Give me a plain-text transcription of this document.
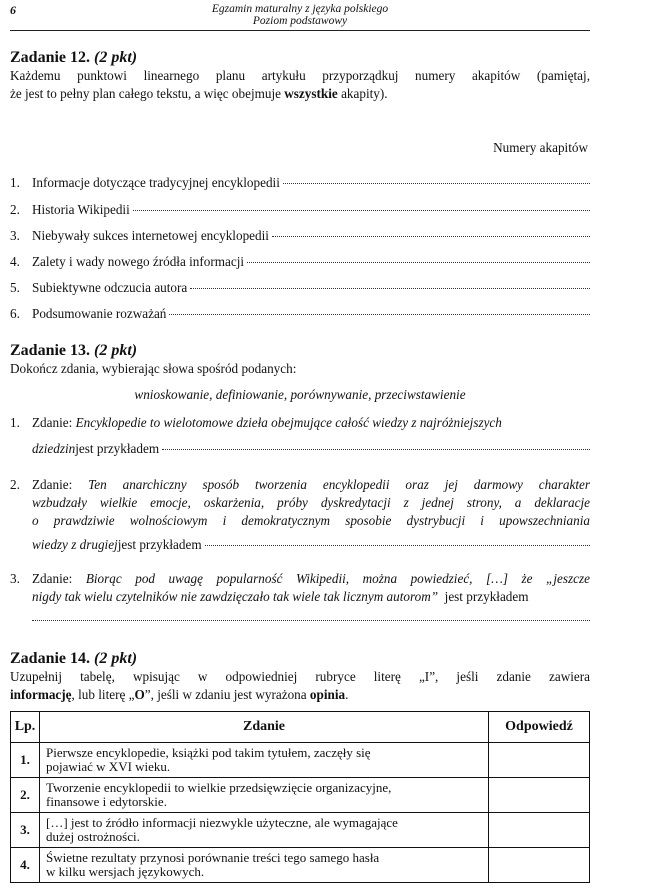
6	Egzamin maturalny z języka polskiego
Poziom podstawowy
Zadanie 12. (2 pkt)
Każdemu punktowi linearnego planu artykułu przyporządkuj numery akapitów (pamiętaj,
że jest to pełny plan całego tekstu, a więc obejmuje wszystkie akapity).
Numery akapitów
1. Informacje dotyczące tradycyjnej encyklopedii
2. Historia Wikipedii
3. Niebywały sukces internetowej encyklopedii
4. Zalety i wady nowego źródła informacji
5. Subiektywne odczucia autora
6. Podsumowanie rozważań
Zadanie 13. (2 pkt)
Dokończ zdania, wybierając słowa spośród podanych:
wnioskowanie, definiowanie, porównywanie, przeciwstawienie
1. Zdanie: Encyklopedie to wielotomowe dzieła obejmujące całość wiedzy z najróżniejszych
dziedzin jest przykładem
2. Zdanie: Ten anarchiczny sposób tworzenia encyklopedii oraz jej darmowy charakter
wzbudzały wielkie emocje, oskarżenia, próby dyskredytacji z jednej strony, a deklaracje
o prawdziwie wolnościowym i demokratycznym sposobie dystrybucji i upowszechniania
wiedzy z drugiej jest przykładem
3. Zdanie: Biorąc pod uwagę popularność Wikipedii, można powiedzieć, […] że „jeszcze
nigdy tak wielu czytelników nie zawdzięczało tak wiele tak licznym autorom”  jest przykładem
Zadanie 14. (2 pkt)
Uzupełnij tabelę, wpisując w odpowiedniej rubryce literę „I”, jeśli zdanie zawiera
informację, lub literę „O”, jeśli w zdaniu jest wyrażona opinia.
Lp.	Zdanie	Odpowiedź
1.	Pierwsze encyklopedie, książki pod takim tytułem, zaczęły się
pojawiać w XVI wieku.	

2.	Tworzenie encyklopedii to wielkie przedsięwzięcie organizacyjne,
finansowe i edytorskie.	

3.	[…] jest to źródło informacji niezwykle użyteczne, ale wymagające
dużej ostrożności.	

4.	Świetne rezultaty przynosi porównanie treści tego samego hasła
w kilku wersjach językowych.	
